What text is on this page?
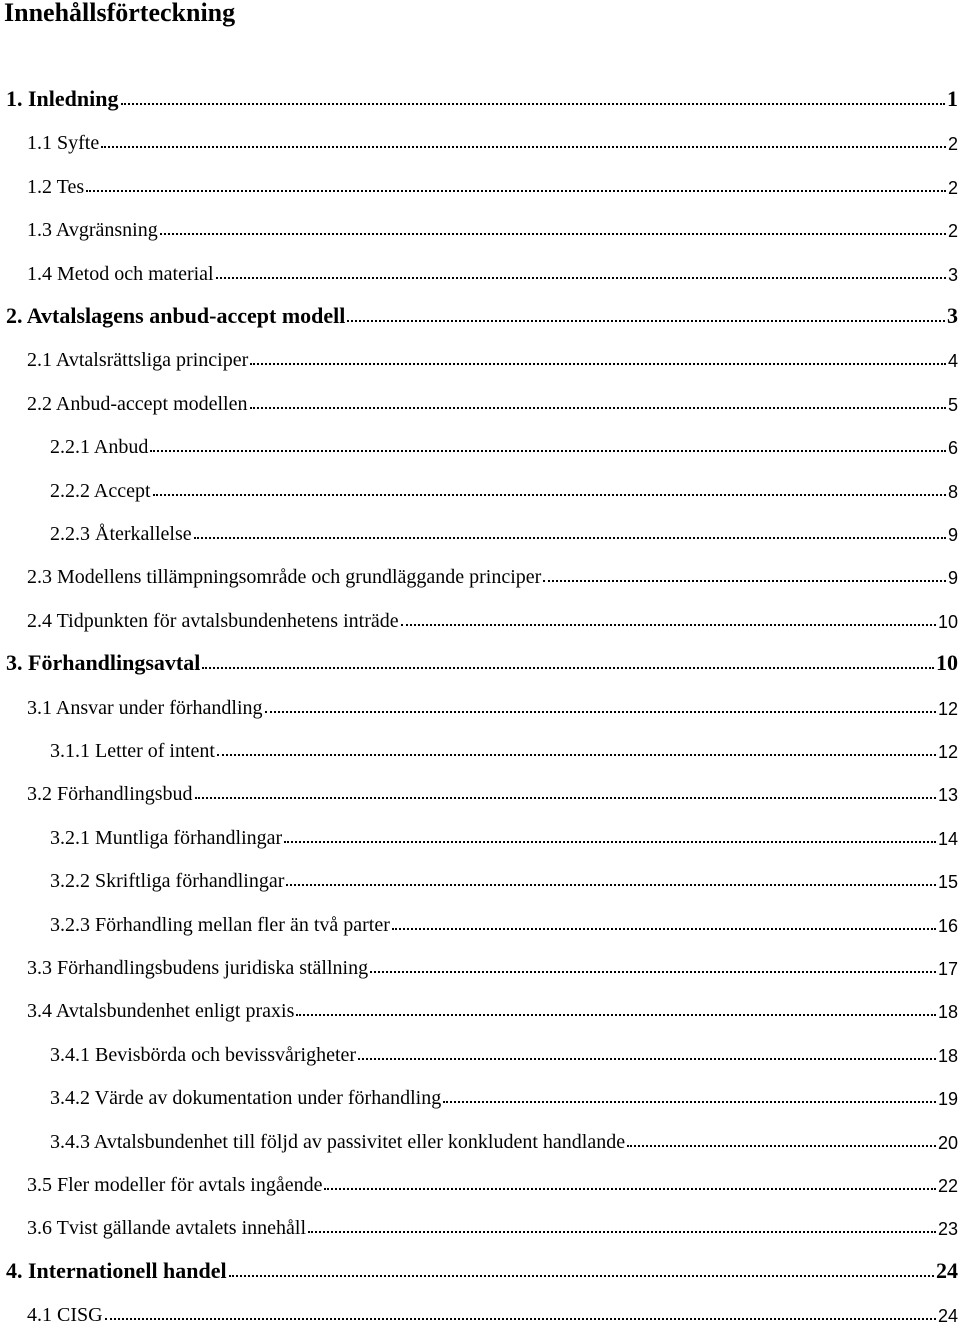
Innehållsförteckning
1. Inledning	1
1.1 Syfte	2
1.2 Tes	2
1.3 Avgränsning	2
1.4 Metod och material	3
2. Avtalslagens anbud-accept modell	3
2.1 Avtalsrättsliga principer	4
2.2 Anbud-accept modellen	5
2.2.1 Anbud	6
2.2.2 Accept	8
2.2.3 Återkallelse	9
2.3 Modellens tillämpningsområde och grundläggande principer	9
2.4 Tidpunkten för avtalsbundenhetens inträde	10
3. Förhandlingsavtal	10
3.1 Ansvar under förhandling	12
3.1.1 Letter of intent	12
3.2 Förhandlingsbud	13
3.2.1 Muntliga förhandlingar	14
3.2.2 Skriftliga förhandlingar	15
3.2.3 Förhandling mellan fler än två parter	16
3.3 Förhandlingsbudens juridiska ställning	17
3.4 Avtalsbundenhet enligt praxis	18
3.4.1 Bevisbörda och bevissvårigheter	18
3.4.2 Värde av dokumentation under förhandling	19
3.4.3 Avtalsbundenhet till följd av passivitet eller konkludent handlande	20
3.5 Fler modeller för avtals ingående	22
3.6 Tvist gällande avtalets innehåll	23
4. Internationell handel	24
4.1 CISG	24
